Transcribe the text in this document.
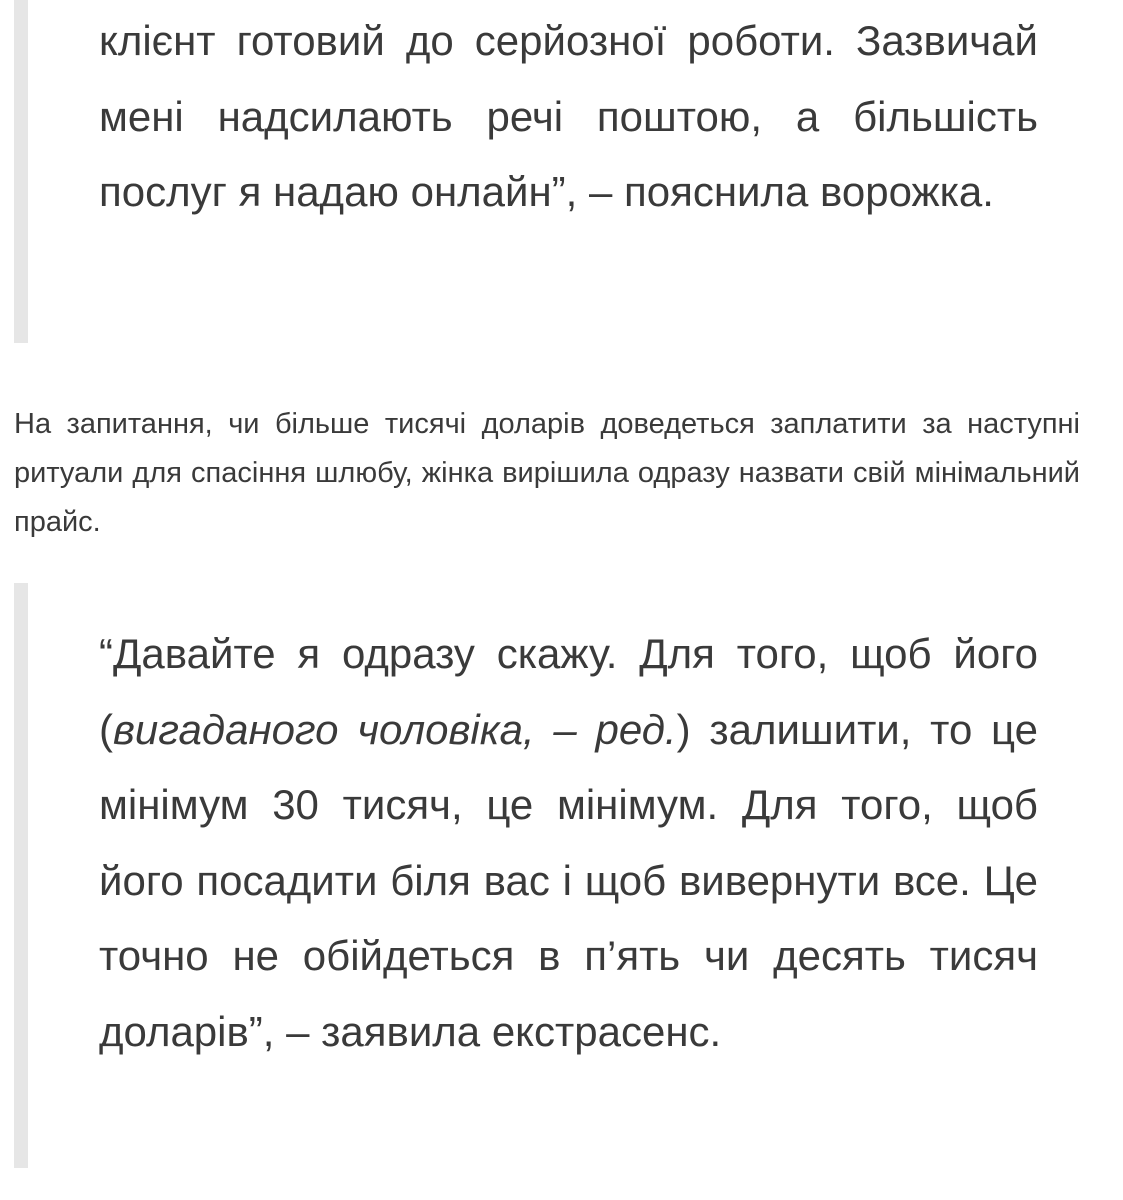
клієнт готовий до серйозної роботи. Зазвичай мені надсилають речі поштою, а більшість послуг я надаю онлайн”, – пояснила ворожка.

На запитання, чи більше тисячі доларів доведеться заплатити за наступні ритуали для спасіння шлюбу, жінка вирішила одразу назвати свій мінімальний прайс.

“Давайте я одразу скажу. Для того, щоб його (вигаданого чоловіка, – ред.) залишити, то це мінімум 30 тисяч, це мінімум. Для того, щоб його посадити біля вас і щоб вивернути все. Це точно не обійдеться в п’ять чи десять тисяч доларів”, – заявила екстрасенс.
